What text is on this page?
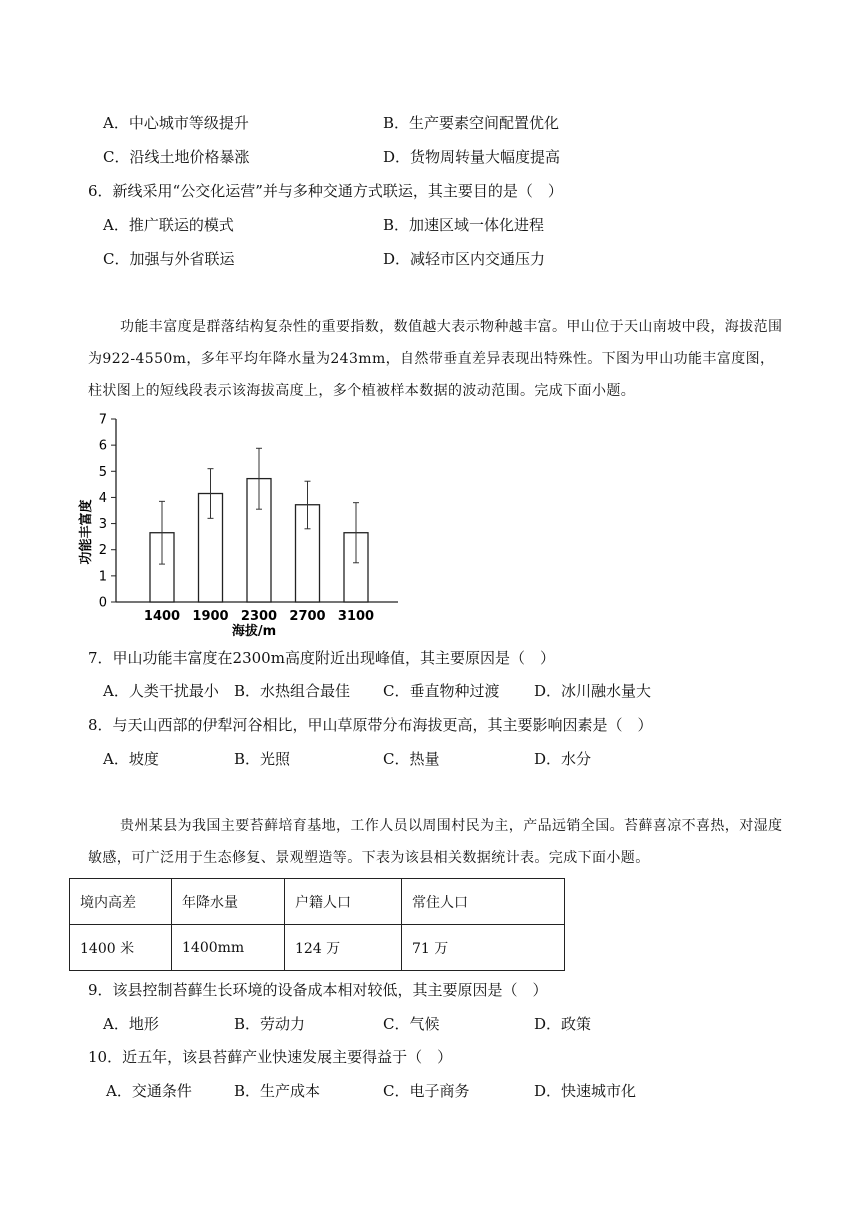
A．中心城市等级提升	B．生产要素空间配置优化
C．沿线土地价格暴涨	D．货物周转量大幅度提高
6．新线采用“公交化运营”并与多种交通方式联运，其主要目的是（　）
A．推广联运的模式	B．加速区域一体化进程
C．加强与外省联运	D．减轻市区内交通压力

功能丰富度是群落结构复杂性的重要指数，数值越大表示物种越丰富。甲山位于天山南坡中段，海拔范围为922-4550m，多年平均年降水量为243mm，自然带垂直差异表现出特殊性。下图为甲山功能丰富度图，柱状图上的短线段表示该海拔高度上，多个植被样本数据的波动范围。完成下面小题。

0
1
2
3
4
5
6
7
1400 1900 2300 2700 3100
功能丰富度
海拔/m
7．甲山功能丰富度在2300m高度附近出现峰值，其主要原因是（　）
A．人类干扰最小 B．水热组合最佳 C．垂直物种过渡 D．冰川融水量大
8．与天山西部的伊犁河谷相比，甲山草原带分布海拔更高，其主要影响因素是（　）
A．坡度	B．光照	C．热量	D．水分

贵州某县为我国主要苔藓培育基地，工作人员以周围村民为主，产品远销全国。苔藓喜凉不喜热，对湿度敏感，可广泛用于生态修复、景观塑造等。下表为该县相关数据统计表。完成下面小题。

境内高差	年降水量	户籍人口	常住人口
1400 米	1400mm	124 万	71 万
9．该县控制苔藓生长环境的设备成本相对较低，其主要原因是（　）
A．地形	B．劳动力	C．气候	D．政策
10．近五年，该县苔藓产业快速发展主要得益于（　）
A．交通条件	B．生产成本	C．电子商务	D．快速城市化
